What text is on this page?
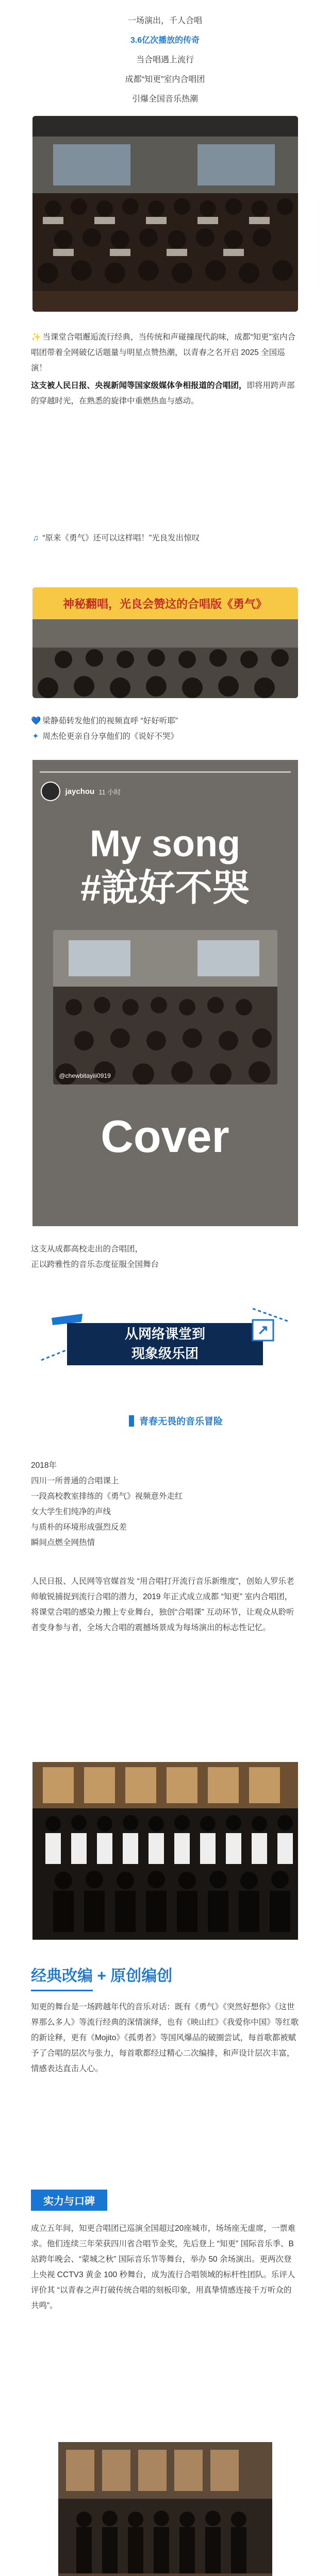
一场演出，千人合唱
3.6亿次播放的传奇
当合唱遇上流行
成都“知更”室内合唱团
引爆全国音乐热潮
✨ 当课堂合唱邂逅流行经典，当传统和声碰撞现代韵味，成都“知更”室内合唱团带着全网破亿话题量与明星点赞热潮，以青春之名开启 2025 全国巡演！
这支被人民日报、央视新闻等国家级媒体争相报道的合唱团，即将用跨声部的穿越时光，在熟悉的旋律中重燃热血与感动。
♫ “原来《勇气》还可以这样唱！”光良发出惊叹
神秘翻唱，光良会赞这的合唱版《勇气》
💙 梁静茹转发他们的视频直呼 “好好听耶”
✦ 周杰伦更亲自分享他们的《说好不哭》
jaychou 11 小时
My song
#說好不哭
@chewbitayiii0919
Cover
这支从成都高校走出的合唱团，
正以跨雅性的音乐态度征服全国舞台
↗
从网络课堂到
现象级乐团
青春无畏的音乐冒险
2018年
四川一所普通的合唱课上
一段高校教室排练的《勇气》视频意外走红
女大学生们纯净的声线
与质朴的环境形成强烈反差
瞬间点燃全网热情
人民日报、人民网等官媒首发 “用合唱打开流行音乐新维度”，创始人罗乐老师敏锐捕捉到流行合唱的潜力，2019 年正式成立成都 “知更” 室内合唱团，将课堂合唱的感染力搬上专业舞台，独创“合唱课” 互动环节，让观众从聆听者变身参与者，全场大合唱的震撼场景成为每场演出的标志性记忆。
经典改编 + 原创编创
知更的舞台是一场跨越年代的音乐对话：既有《勇气》《突然好想你》《这世界那么多人》等流行经典的深情演绎，也有《映山红》《我爱你中国》等红歌的新诠释，更有《Mojito》《孤勇者》等国风爆品的破圈尝试，每首歌都被赋予了合唱的层次与张力，每首歌都经过精心二次编排，和声设计层次丰富，情感表达直击人心。
实力与口碑
成立五年间，知更合唱团已巡演全国超过20座城市，场场座无虚席，一票难求。他们连续三年荣获四川省合唱节金奖，先后登上 “知更” 国际音乐季、B 站跨年晚会、“蒙城之秋” 国际音乐节等舞台，举办 50 余场演出。更两次登上央视 CCTV3 黄金 100 秒舞台，成为流行合唱领域的标杆性团队。乐评人评价其 “以青春之声打破传统合唱的刻板印象，用真挚情感连接千万听众的共鸣”。
